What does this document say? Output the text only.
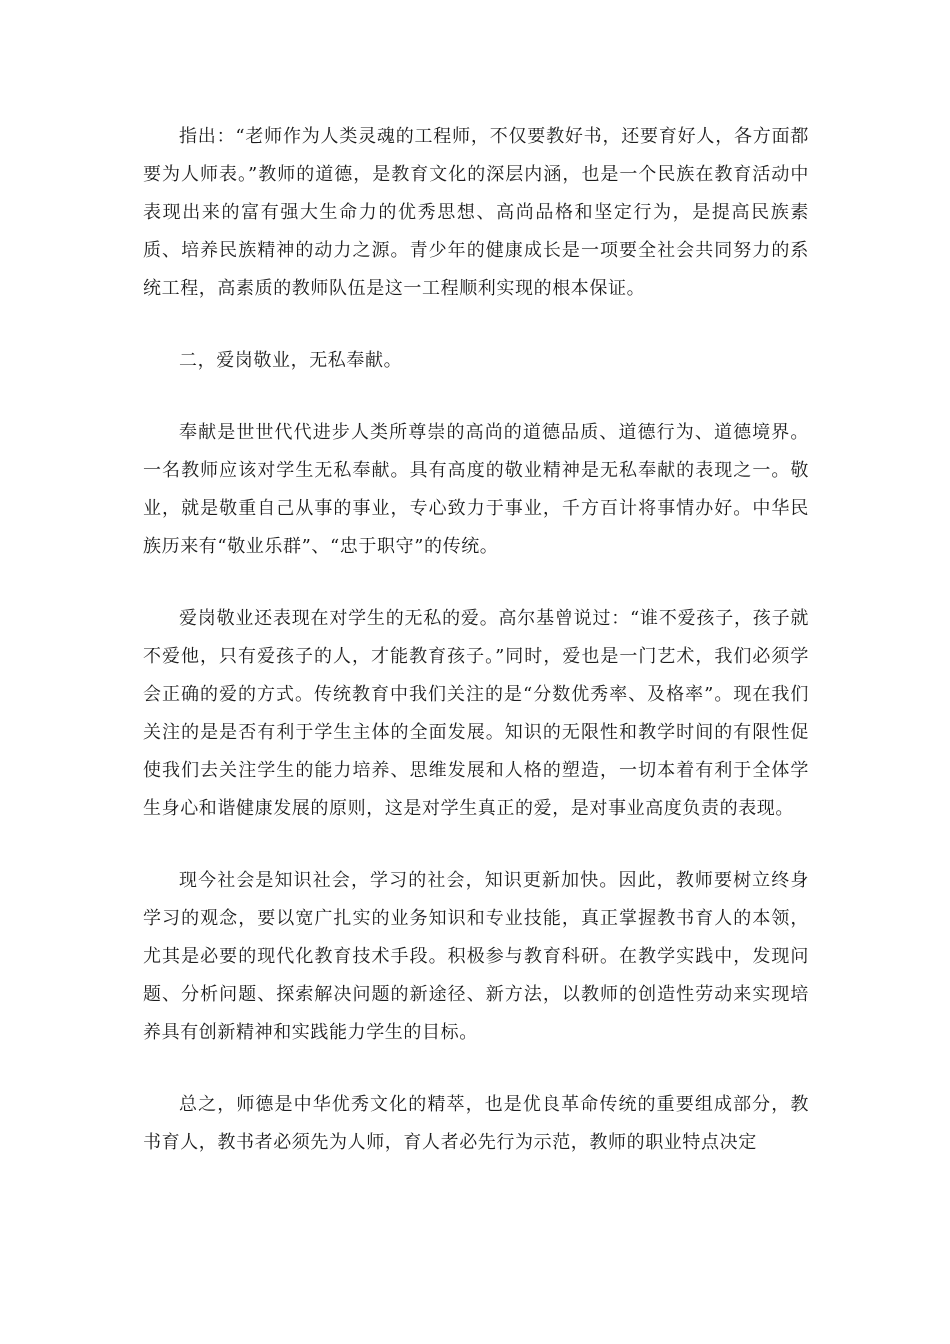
指出：“老师作为人类灵魂的工程师，不仅要教好书，还要育好人，各方面都要为人师表。”教师的道德，是教育文化的深层内涵，也是一个民族在教育活动中表现出来的富有强大生命力的优秀思想、高尚品格和坚定行为，是提高民族素质、培养民族精神的动力之源。青少年的健康成长是一项要全社会共同努力的系统工程，高素质的教师队伍是这一工程顺利实现的根本保证。

二，爱岗敬业，无私奉献。

奉献是世世代代进步人类所尊崇的高尚的道德品质、道德行为、道德境界。一名教师应该对学生无私奉献。具有高度的敬业精神是无私奉献的表现之一。敬业，就是敬重自己从事的事业，专心致力于事业，千方百计将事情办好。中华民族历来有“敬业乐群”、“忠于职守”的传统。

爱岗敬业还表现在对学生的无私的爱。高尔基曾说过：“谁不爱孩子，孩子就不爱他，只有爱孩子的人，才能教育孩子。”同时，爱也是一门艺术，我们必须学会正确的爱的方式。传统教育中我们关注的是“分数优秀率、及格率”。现在我们关注的是是否有利于学生主体的全面发展。知识的无限性和教学时间的有限性促使我们去关注学生的能力培养、思维发展和人格的塑造，一切本着有利于全体学生身心和谐健康发展的原则，这是对学生真正的爱，是对事业高度负责的表现。

现今社会是知识社会，学习的社会，知识更新加快。因此，教师要树立终身学习的观念，要以宽广扎实的业务知识和专业技能，真正掌握教书育人的本领，尤其是必要的现代化教育技术手段。积极参与教育科研。在教学实践中，发现问题、分析问题、探索解决问题的新途径、新方法，以教师的创造性劳动来实现培养具有创新精神和实践能力学生的目标。

总之，师德是中华优秀文化的精萃，也是优良革命传统的重要组成部分，教书育人，教书者必须先为人师，育人者必先行为示范，教师的职业特点决定
